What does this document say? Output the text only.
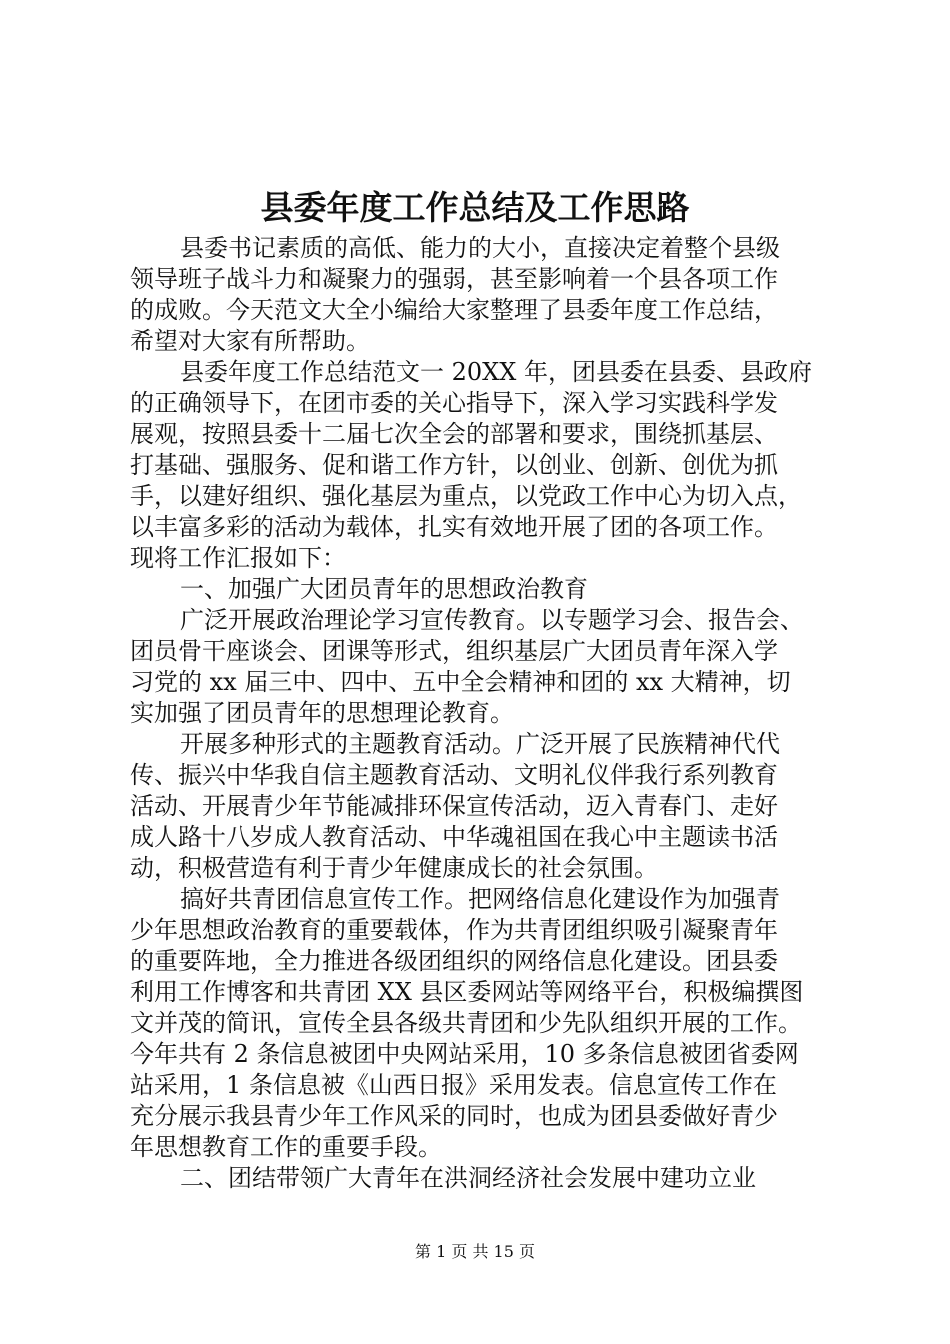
县委年度工作总结及工作思路
县委书记素质的高低、能力的大小，直接决定着整个县级
领导班子战斗力和凝聚力的强弱，甚至影响着一个县各项工作
的成败。今天范文大全小编给大家整理了县委年度工作总结，
希望对大家有所帮助。
县委年度工作总结范文一 20XX 年，团县委在县委、县政府
的正确领导下，在团市委的关心指导下，深入学习实践科学发
展观，按照县委十二届七次全会的部署和要求，围绕抓基层、
打基础、强服务、促和谐工作方针，以创业、创新、创优为抓
手，以建好组织、强化基层为重点，以党政工作中心为切入点，
以丰富多彩的活动为载体，扎实有效地开展了团的各项工作。
现将工作汇报如下：
一、加强广大团员青年的思想政治教育
广泛开展政治理论学习宣传教育。以专题学习会、报告会、
团员骨干座谈会、团课等形式，组织基层广大团员青年深入学
习党的 xx 届三中、四中、五中全会精神和团的 xx 大精神，切
实加强了团员青年的思想理论教育。
开展多种形式的主题教育活动。广泛开展了民族精神代代
传、振兴中华我自信主题教育活动、文明礼仪伴我行系列教育
活动、开展青少年节能减排环保宣传活动，迈入青春门、走好
成人路十八岁成人教育活动、中华魂祖国在我心中主题读书活
动，积极营造有利于青少年健康成长的社会氛围。
搞好共青团信息宣传工作。把网络信息化建设作为加强青
少年思想政治教育的重要载体，作为共青团组织吸引凝聚青年
的重要阵地，全力推进各级团组织的网络信息化建设。团县委
利用工作博客和共青团 XX 县区委网站等网络平台，积极编撰图
文并茂的简讯，宣传全县各级共青团和少先队组织开展的工作。
今年共有 2 条信息被团中央网站采用，10 多条信息被团省委网
站采用，1 条信息被《山西日报》采用发表。信息宣传工作在
充分展示我县青少年工作风采的同时，也成为团县委做好青少
年思想教育工作的重要手段。
二、团结带领广大青年在洪洞经济社会发展中建功立业
第 1 页 共 15 页
